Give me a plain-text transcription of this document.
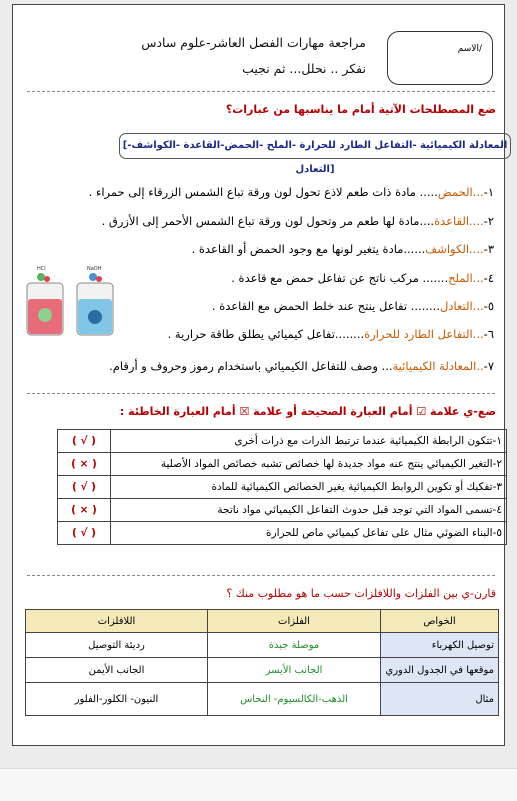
الاسم/
مراجعة مهارات الفصل العاشر-علوم سادس
نفكر .. نحلل... ثم نجيب
ضع المصطلحات الآتية أمام ما يناسبها من عبارات؟
[المعادلة الكيميائية -التفاعل الطارد للحرارة -الملح -الحمض-القاعدة -الكواشف-التعادل]
١-...الحمض..... مادة ذات طعم لاذع تحول لون ورقة تباع الشمس الزرقاء إلى حمراء .
٢-....القاعدة....مادة لها طعم مر وتحول لون ورقة تباع الشمس الأحمر إلى الأزرق .
٣-....الكواشف......مادة يتغير لونها مع وجود الحمض أو القاعدة .
٤-...الملح....... مركب ناتج عن تفاعل حمض مع قاعدة .
٥-...التعادل........ تفاعل ينتج عند خلط الحمض مع القاعدة .
٦-...التفاعل الطارد للحرارة........تفاعل كيميائي يطلق طاقة حرارية .
٧-..المعادلة الكيميائية... وصف للتفاعل الكيميائي باستخدام رموز وحروف و أرقام.
HCl	NaOH
ضع-ي علامة ☑ أمام العبارة الصحيحة أو علامة ☒ أمام العبارة الخاطئة :
١-تتكون الرابطة الكيميائية عندما ترتبط الذرات مع ذرات أخرى	( √ )
٢-التغير الكيميائي ينتج عنه مواد جديدة لها خصائص تشبه خصائص المواد الأصلية	( × )
٣-تفكيك أو تكوين الروابط الكيميائية يغير الخصائص الكيميائية للمادة	( √ )
٤-تسمى المواد التي توجد قبل حدوث التفاعل الكيميائي مواد ناتجة	( × )
٥-البناء الضوئي مثال على تفاعل كيميائي ماص للحرارة	( √ )
قارن-ي بين الفلزات واللافلزات حسب ما هو مطلوب منك ؟
الخواص	الفلزات	اللافلزات
توصيل الكهرباء	موصلة جيدة	رديئة التوصيل
موقعها في الجدول الدوري	الجانب الأيسر	الجانب الأيمن
مثال	الذهب-الكالسيوم- النحاس	النيون- الكلور-الفلور
